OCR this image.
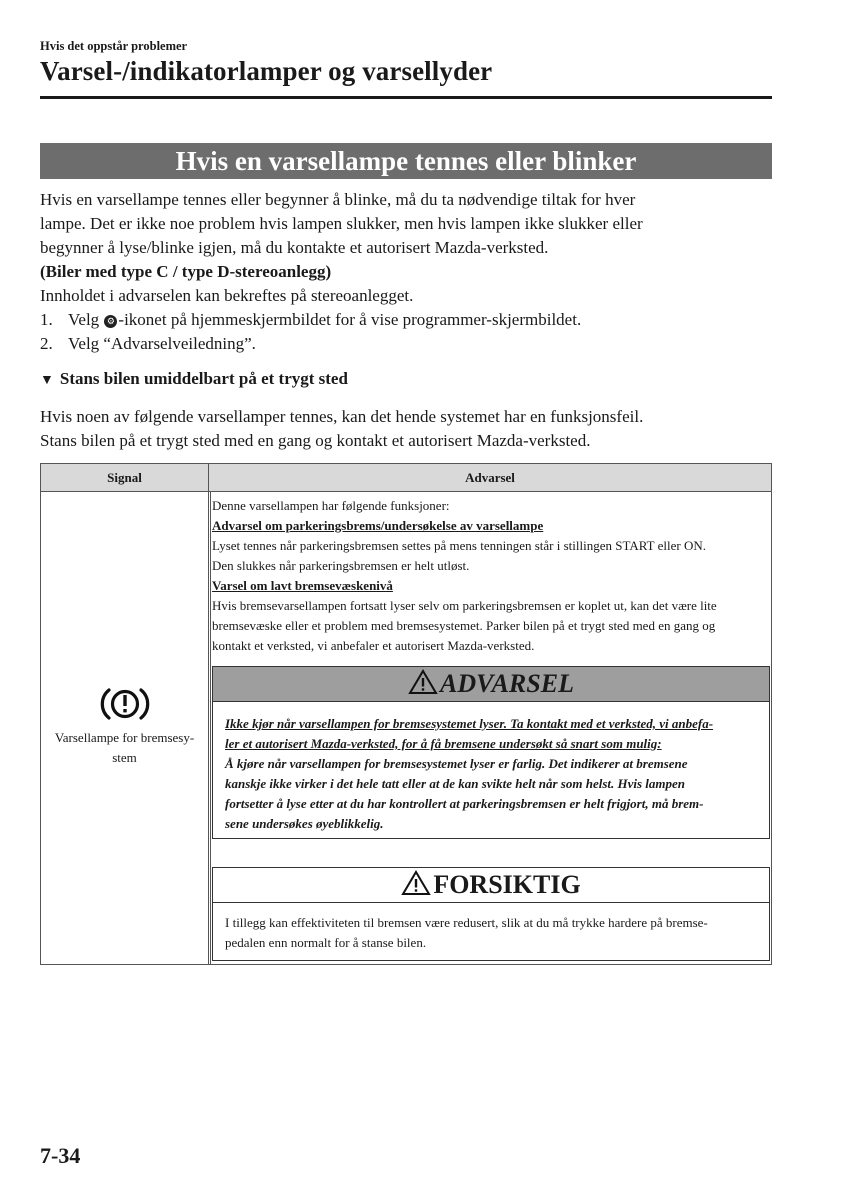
Hvis det oppstår problemer
Varsel-/indikatorlamper og varsellyder
Hvis en varsellampe tennes eller blinker
Hvis en varsellampe tennes eller begynner å blinke, må du ta nødvendige tiltak for hver
lampe. Det er ikke noe problem hvis lampen slukker, men hvis lampen ikke slukker eller
begynner å lyse/blinke igjen, må du kontakte et autorisert Mazda-verksted.
(Biler med type C / type D-stereoanlegg)
Innholdet i advarselen kan bekreftes på stereoanlegget.
1. Velg ⚙ -ikonet på hjemmeskjermbildet for å vise programmer-skjermbildet.
2. Velg “Advarselveiledning”.
▼ Stans bilen umiddelbart på et trygt sted
Hvis noen av følgende varsellamper tennes, kan det hende systemet har en funksjonsfeil.
Stans bilen på et trygt sted med en gang og kontakt et autorisert Mazda-verksted.
Signal	Advarsel
Varsellampe for bremsesy-
stem
Denne varsellampen har følgende funksjoner:
Advarsel om parkeringsbrems/undersøkelse av varsellampe
Lyset tennes når parkeringsbremsen settes på mens tenningen står i stillingen START eller ON.
Den slukkes når parkeringsbremsen er helt utløst.
Varsel om lavt bremsevæskenivå
Hvis bremsevarsellampen fortsatt lyser selv om parkeringsbremsen er koplet ut, kan det være lite
bremsevæske eller et problem med bremsesystemet. Parker bilen på et trygt sted med en gang og
kontakt et verksted, vi anbefaler et autorisert Mazda-verksted.
ADVARSEL
Ikke kjør når varsellampen for bremsesystemet lyser. Ta kontakt med et verksted, vi anbefa-
ler et autorisert Mazda-verksted, for å få bremsene undersøkt så snart som mulig:
Å kjøre når varsellampen for bremsesystemet lyser er farlig. Det indikerer at bremsene
kanskje ikke virker i det hele tatt eller at de kan svikte helt når som helst. Hvis lampen
fortsetter å lyse etter at du har kontrollert at parkeringsbremsen er helt frigjort, må brem-
sene undersøkes øyeblikkelig.
FORSIKTIG
I tillegg kan effektiviteten til bremsen være redusert, slik at du må trykke hardere på bremse-
pedalen enn normalt for å stanse bilen.
7-34
